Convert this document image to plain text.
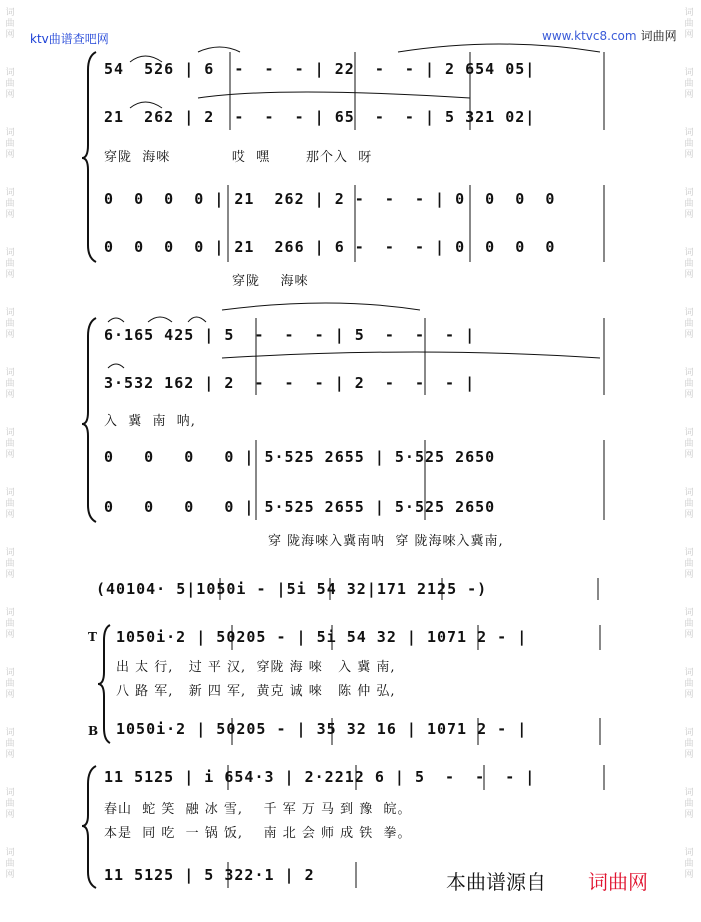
ktv曲谱查吧网	www.ktvc8.com 词曲网
词
曲
网
词
曲
网
词
曲
网
词
曲
网
词
曲
网
词
曲
网
词
曲
网
词
曲
网
词
曲
网
词
曲
网
词
曲
网
词
曲
网
词
曲
网
词
曲
网
词
曲
网
词
曲
网
词
曲
网
词
曲
网
词
曲
网
词
曲
网
词
曲
网
词
曲
网
词
曲
网
词
曲
网
词
曲
网
词
曲
网
词
曲
网
词
曲
网
词
曲
网
词
曲
网
54  526 | 6  -  -  - | 22  -  - | 2 654 05|
21  262 | 2  -  -  - | 65  -  - | 5 321 02|
穿陇  海唻            哎  嘿       那个入  呀
0  0  0  0 | 21  262 | 2 -  -  - | 0  0  0  0
0  0  0  0 | 21  266 | 6 -  -  - | 0  0  0  0
穿陇    海唻
6·165 425 | 5  -  -  - | 5  -  -  - |
3·532 162 | 2  -  -  - | 2  -  -  - |
入  冀  南  呐,
0   0   0   0 | 5·525 2655 | 5·525 2650
0   0   0   0 | 5·525 2655 | 5·525 2650
穿 陇海唻入冀南呐  穿 陇海唻入冀南,
(40104· 5|1050i - |5i 54 32|171 2125 -)
T 1050i·2 | 50205 - | 5i 54 32 | 1071 2 - |
出 太 行,   过 平 汉,  穿陇 海 唻   入 冀 南,
八 路 军,   新 四 军,  黄克 诚 唻   陈 仲 弘,
B 1050i·2 | 50205 - | 35 32 16 | 1071 2 - |
11 5125 | i 654·3 | 2·2212 6 | 5  -  -  - |
春山  蛇 笑  融 冰 雪,    千 军 万 马 到 豫  皖。
本是  同 吃  一 锅 饭,    南 北 会 师 成 铁  拳。
11 5125 | 5 322·1 | 2	本曲谱源自 词曲网
